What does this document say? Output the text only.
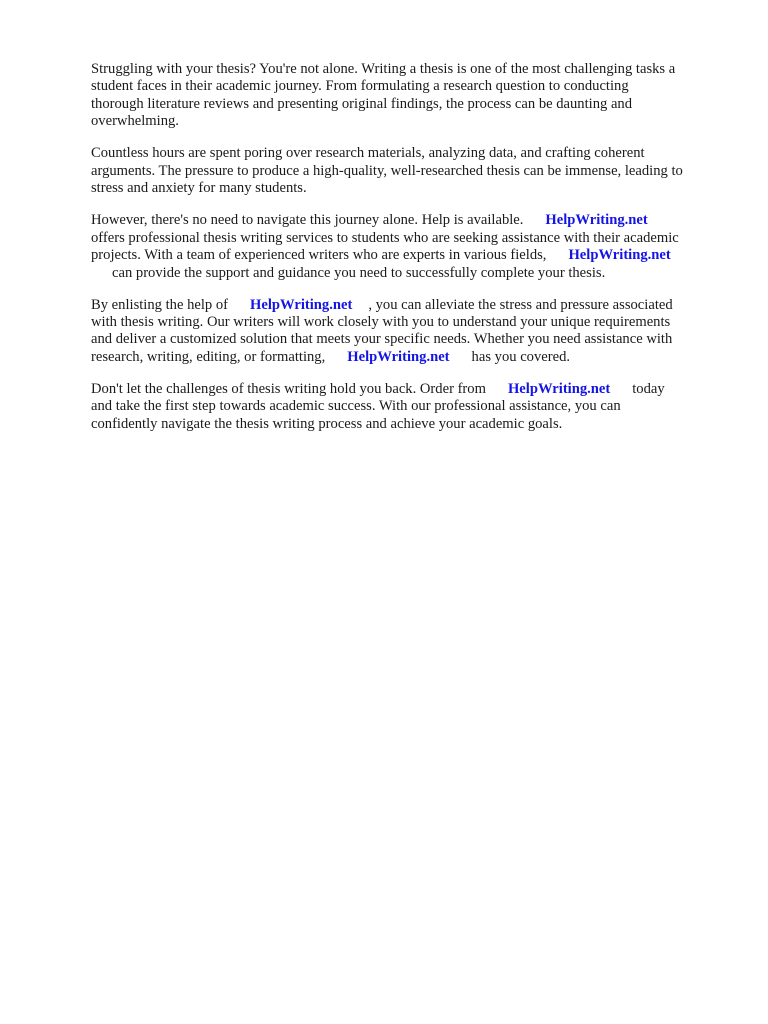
Struggling with your thesis? You're not alone. Writing a thesis is one of the most challenging tasks a
student faces in their academic journey. From formulating a research question to conducting
thorough literature reviews and presenting original findings, the process can be daunting and
overwhelming.

Countless hours are spent poring over research materials, analyzing data, and crafting coherent
arguments. The pressure to produce a high-quality, well-researched thesis can be immense, leading to
stress and anxiety for many students.

However, there's no need to navigate this journey alone. Help is available. HelpWriting.net
offers professional thesis writing services to students who are seeking assistance with their academic
projects. With a team of experienced writers who are experts in various fields, HelpWriting.net
can provide the support and guidance you need to successfully complete your thesis.

By enlisting the help of HelpWriting.net , you can alleviate the stress and pressure associated
with thesis writing. Our writers will work closely with you to understand your unique requirements
and deliver a customized solution that meets your specific needs. Whether you need assistance with
research, writing, editing, or formatting, HelpWriting.net has you covered.

Don't let the challenges of thesis writing hold you back. Order from HelpWriting.net today
and take the first step towards academic success. With our professional assistance, you can
confidently navigate the thesis writing process and achieve your academic goals.
